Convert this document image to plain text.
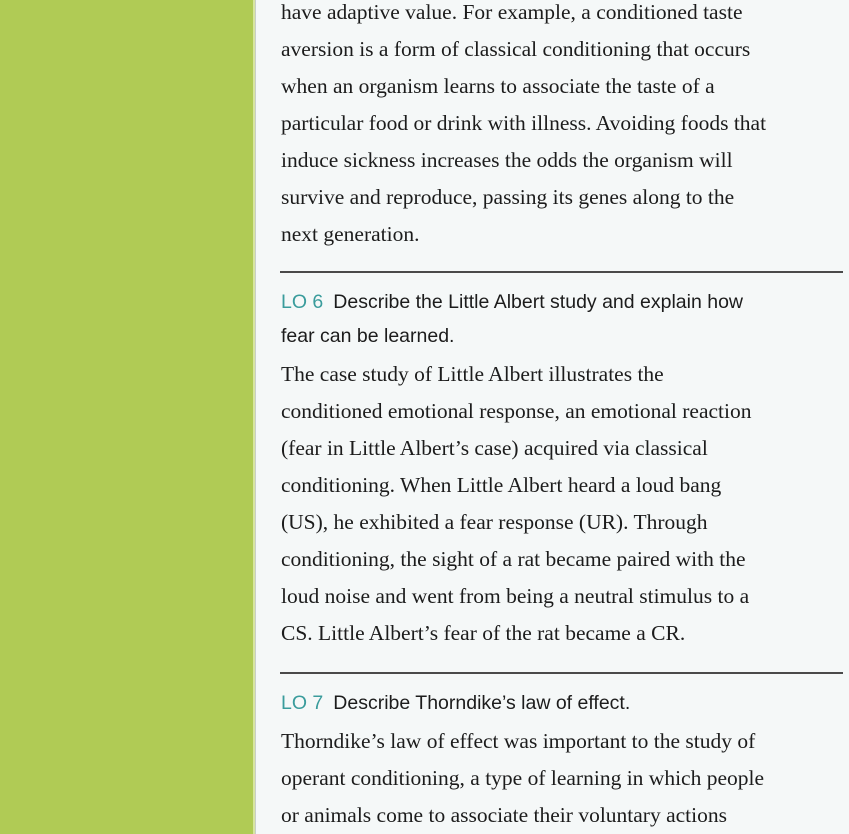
have adaptive value. For example, a conditioned taste
aversion is a form of classical conditioning that occurs
when an organism learns to associate the taste of a
particular food or drink with illness. Avoiding foods that
induce sickness increases the odds the organism will
survive and reproduce, passing its genes along to the
next generation.
LO 6 Describe the Little Albert study and explain how
fear can be learned.
The case study of Little Albert illustrates the
conditioned emotional response, an emotional reaction
(fear in Little Albert’s case) acquired via classical
conditioning. When Little Albert heard a loud bang
(US), he exhibited a fear response (UR). Through
conditioning, the sight of a rat became paired with the
loud noise and went from being a neutral stimulus to a
CS. Little Albert’s fear of the rat became a CR.
LO 7 Describe Thorndike’s law of effect.
Thorndike’s law of effect was important to the study of
operant conditioning, a type of learning in which people
or animals come to associate their voluntary actions
